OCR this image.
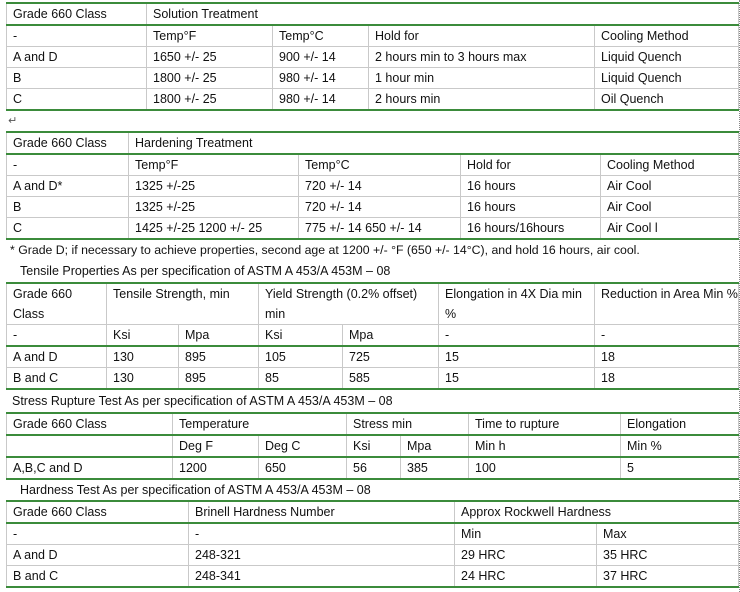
Grade 660 Class	Solution Treatment			
-	Temp°F	Temp°C	Hold for	Cooling Method
A and D	1650 +/- 25	900 +/- 14	2 hours min to 3 hours max	Liquid Quench
B	1800 +/- 25	980 +/- 14	1 hour min	Liquid Quench
C	1800 +/- 25	980 +/- 14	2 hours min	Oil Quench
↵
Grade 660 Class	Hardening Treatment			
-	Temp°F	Temp°C	Hold for	Cooling Method
A and D*	1325 +/-25	720 +/- 14	16 hours	Air Cool
B	1325 +/-25	720 +/- 14	16 hours	Air Cool
C	1425 +/-25 1200 +/- 25	775 +/- 14 650 +/- 14	16 hours/16hours	Air Cool l
* Grade D; if necessary to achieve properties, second age at 1200 +/- °F (650 +/- 14°C), and hold 16 hours, air cool.
Tensile Properties As per specification of ASTM A 453/A 453M – 08
Grade 660 Class	Tensile Strength, min		Yield Strength (0.2% offset) min		Elongation in 4X Dia min %	Reduction in Area Min %
-	Ksi	Mpa	Ksi	Mpa	-	-
A and D	130	895	105	725	15	18
B and C	130	895	85	585	15	18
Stress Rupture Test As per specification of ASTM A 453/A 453M – 08
Grade 660 Class	Temperature		Stress min		Time to rupture	Elongation
	Deg F	Deg C	Ksi	Mpa	Min h	Min %
A,B,C and D	1200	650	56	385	100	5
Hardness Test As per specification of ASTM A 453/A 453M – 08
Grade 660 Class	Brinell Hardness Number	Approx Rockwell Hardness	
-	-	Min	Max
A and D	248-321	29 HRC	35 HRC
B and C	248-341	24 HRC	37 HRC
